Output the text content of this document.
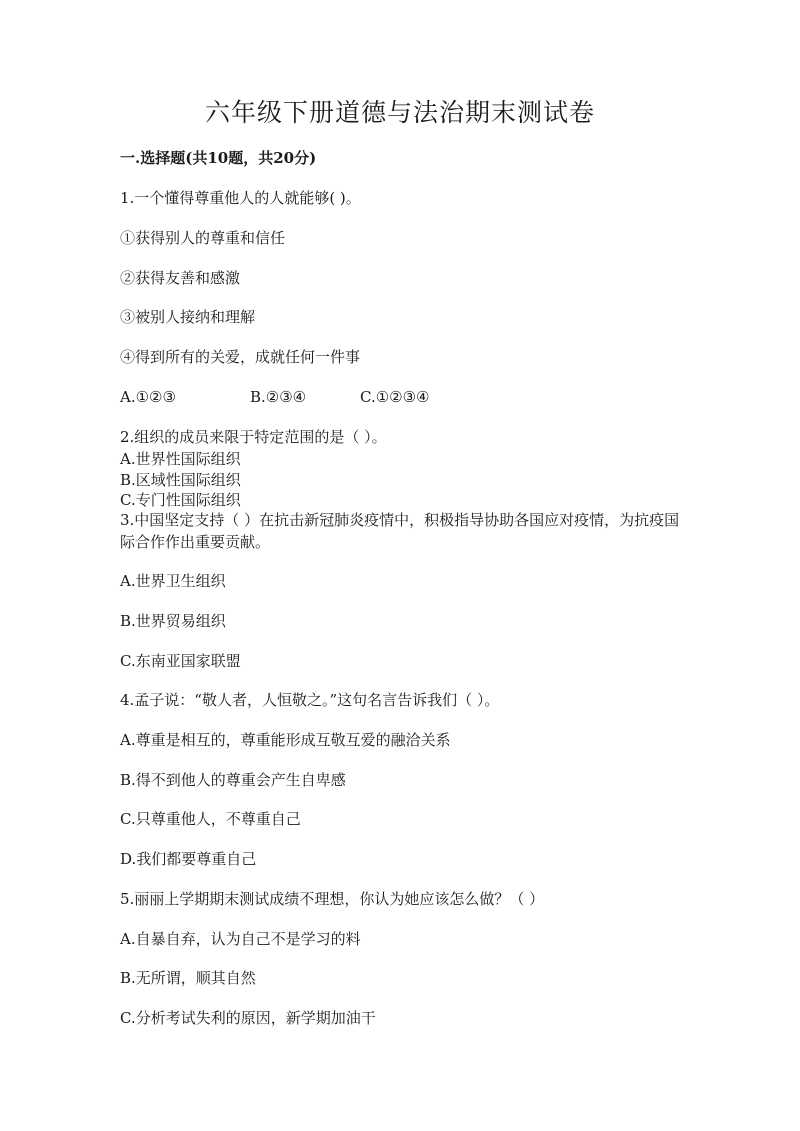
六年级下册道德与法治期末测试卷
一.选择题(共10题，共20分)

1.一个懂得尊重他人的人就能够( )。

①获得别人的尊重和信任

②获得友善和感激

③被别人接纳和理解

④得到所有的关爱，成就任何一件事

A.①②③	B.②③④	C.①②③④

2.组织的成员来限于特定范围的是（ ）。

A.世界性国际组织

B.区域性国际组织

C.专门性国际组织

3.中国坚定支持（ ）在抗击新冠肺炎疫情中，积极指导协助各国应对疫情，为抗疫国际合作作出重要贡献。

A.世界卫生组织

B.世界贸易组织

C.东南亚国家联盟

4.孟子说：“敬人者，人恒敬之。”这句名言告诉我们（ ）。

A.尊重是相互的，尊重能形成互敬互爱的融洽关系

B.得不到他人的尊重会产生自卑感

C.只尊重他人，不尊重自己

D.我们都要尊重自己

5.丽丽上学期期末测试成绩不理想，你认为她应该怎么做？（ ）

A.自暴自弃，认为自己不是学习的料

B.无所谓，顺其自然

C.分析考试失利的原因，新学期加油干
